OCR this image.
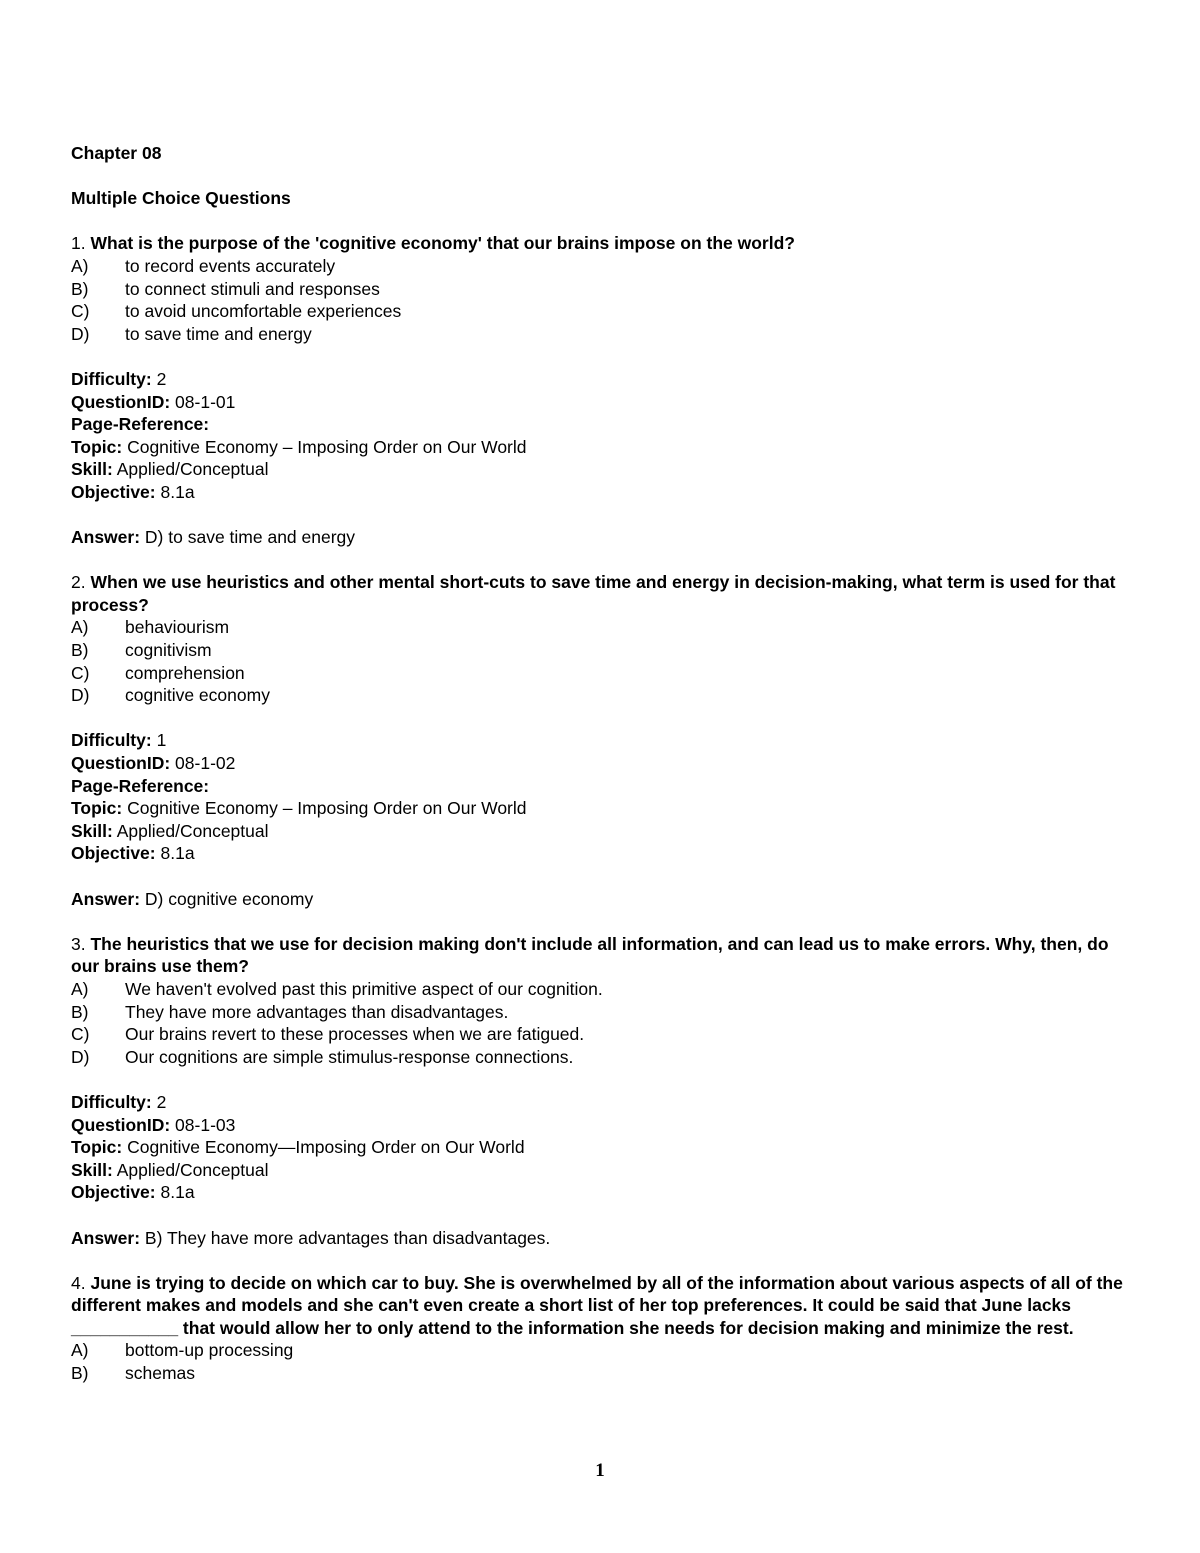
Chapter 08
Multiple Choice Questions
1. What is the purpose of the 'cognitive economy' that our brains impose on the world?
A)	to record events accurately
B)	to connect stimuli and responses
C)	to avoid uncomfortable experiences
D)	to save time and energy
Difficulty: 2
QuestionID: 08-1-01
Page-Reference:
Topic: Cognitive Economy – Imposing Order on Our World
Skill: Applied/Conceptual
Objective: 8.1a
Answer: D) to save time and energy
2. When we use heuristics and other mental short-cuts to save time and energy in decision-making, what term is used for that process?
A)	behaviourism
B)	cognitivism
C)	comprehension
D)	cognitive economy
Difficulty: 1
QuestionID: 08-1-02
Page-Reference:
Topic: Cognitive Economy – Imposing Order on Our World
Skill: Applied/Conceptual
Objective: 8.1a
Answer: D) cognitive economy
3. The heuristics that we use for decision making don't include all information, and can lead us to make errors. Why, then, do our brains use them?
A)	We haven't evolved past this primitive aspect of our cognition.
B)	They have more advantages than disadvantages.
C)	Our brains revert to these processes when we are fatigued.
D)	Our cognitions are simple stimulus-response connections.
Difficulty: 2
QuestionID: 08-1-03
Topic: Cognitive Economy—Imposing Order on Our World
Skill: Applied/Conceptual
Objective: 8.1a
Answer: B) They have more advantages than disadvantages.
4. June is trying to decide on which car to buy. She is overwhelmed by all of the information about various aspects of all of the different makes and models and she can't even create a short list of her top preferences. It could be said that June lacks ___________ that would allow her to only attend to the information she needs for decision making and minimize the rest.
A)	bottom-up processing
B)	schemas
1
